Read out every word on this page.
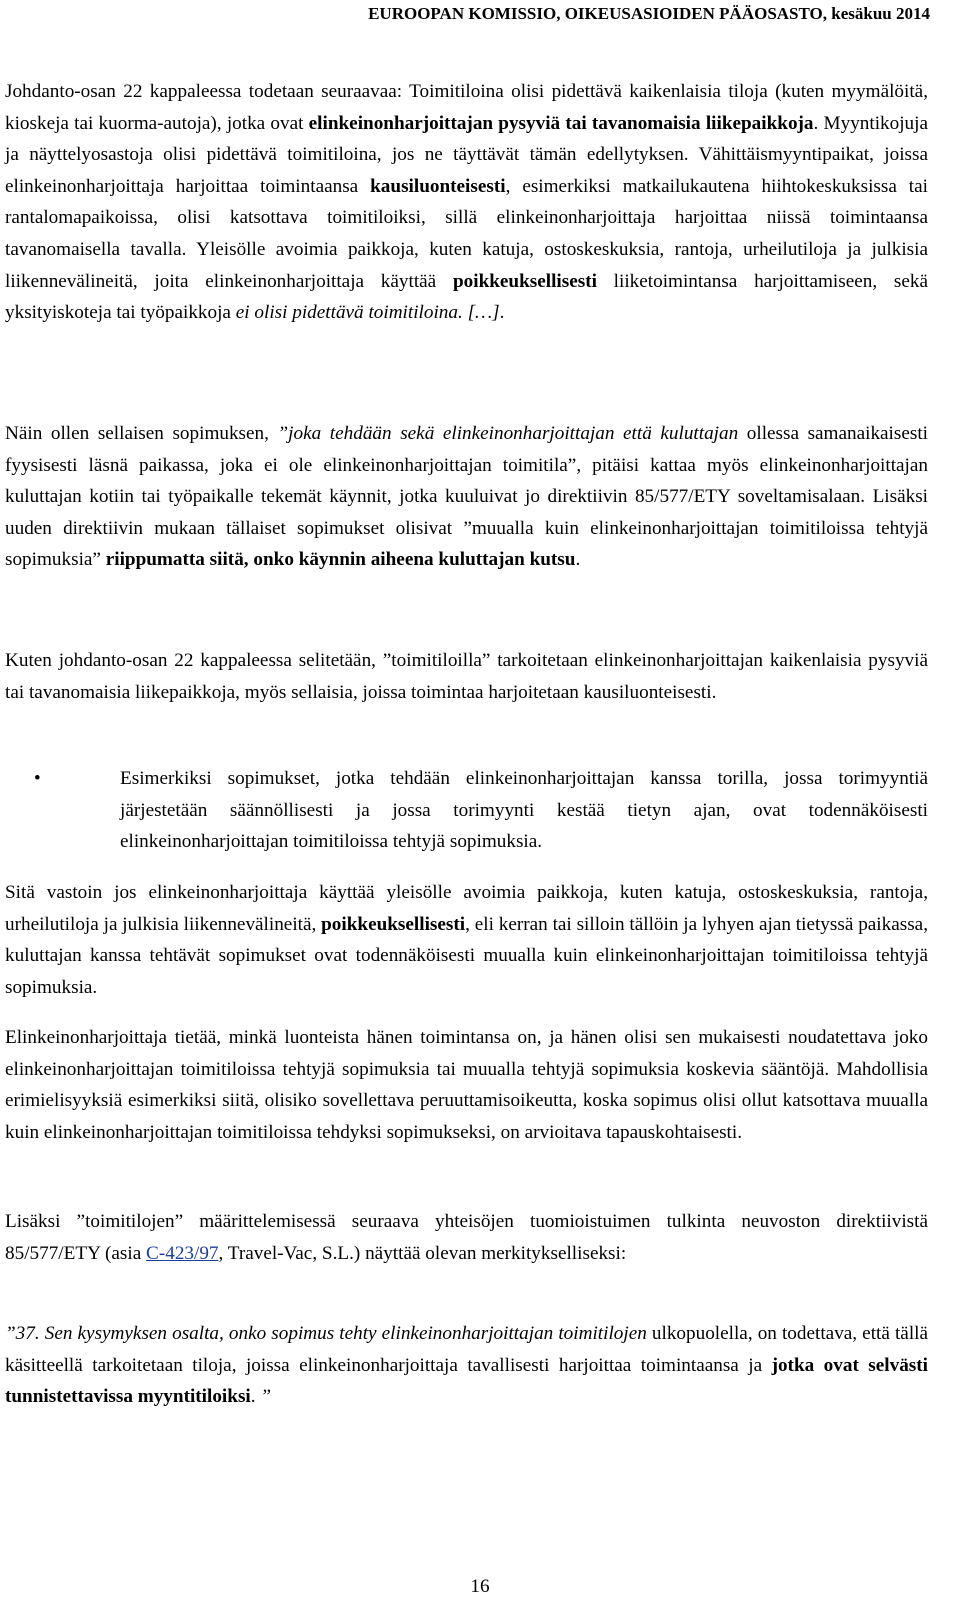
EUROOPAN KOMISSIO, OIKEUSASIOIDEN PÄÄOSASTO, kesäkuu 2014

Johdanto-osan 22 kappaleessa todetaan seuraavaa: Toimitiloina olisi pidettävä kaikenlaisia tiloja (kuten myymälöitä, kioskeja tai kuorma-autoja), jotka ovat elinkeinonharjoittajan pysyviä tai tavanomaisia liikepaikkoja. Myyntikojuja ja näyttelyosastoja olisi pidettävä toimitiloina, jos ne täyttävät tämän edellytyksen. Vähittäismyyntipaikat, joissa elinkeinonharjoittaja harjoittaa toimintaansa kausiluonteisesti, esimerkiksi matkailukautena hiihtokeskuksissa tai rantalomapaikoissa, olisi katsottava toimitiloiksi, sillä elinkeinonharjoittaja harjoittaa niissä toimintaansa tavanomaisella tavalla. Yleisölle avoimia paikkoja, kuten katuja, ostoskeskuksia, rantoja, urheilutiloja ja julkisia liikennevälineitä, joita elinkeinonharjoittaja käyttää poikkeuksellisesti liiketoimintansa harjoittamiseen, sekä yksityiskoteja tai työpaikkoja ei olisi pidettävä toimitiloina. […].

Näin ollen sellaisen sopimuksen, ”joka tehdään sekä elinkeinonharjoittajan että kuluttajan ollessa samanaikaisesti fyysisesti läsnä paikassa, joka ei ole elinkeinonharjoittajan toimitila”, pitäisi kattaa myös elinkeinonharjoittajan kuluttajan kotiin tai työpaikalle tekemät käynnit, jotka kuuluivat jo direktiivin 85/577/ETY soveltamisalaan. Lisäksi uuden direktiivin mukaan tällaiset sopimukset olisivat ”muualla kuin elinkeinonharjoittajan toimitiloissa tehtyjä sopimuksia” riippumatta siitä, onko käynnin aiheena kuluttajan kutsu.

Kuten johdanto-osan 22 kappaleessa selitetään, ”toimitiloilla” tarkoitetaan elinkeinonharjoittajan kaikenlaisia pysyviä tai tavanomaisia liikepaikkoja, myös sellaisia, joissa toimintaa harjoitetaan kausiluonteisesti.

•	Esimerkiksi sopimukset, jotka tehdään elinkeinonharjoittajan kanssa torilla, jossa torimyyntiä järjestetään säännöllisesti ja jossa torimyynti kestää tietyn ajan, ovat todennäköisesti elinkeinonharjoittajan toimitiloissa tehtyjä sopimuksia.

Sitä vastoin jos elinkeinonharjoittaja käyttää yleisölle avoimia paikkoja, kuten katuja, ostoskeskuksia, rantoja, urheilutiloja ja julkisia liikennevälineitä, poikkeuksellisesti, eli kerran tai silloin tällöin ja lyhyen ajan tietyssä paikassa, kuluttajan kanssa tehtävät sopimukset ovat todennäköisesti muualla kuin elinkeinonharjoittajan toimitiloissa tehtyjä sopimuksia.

Elinkeinonharjoittaja tietää, minkä luonteista hänen toimintansa on, ja hänen olisi sen mukaisesti noudatettava joko elinkeinonharjoittajan toimitiloissa tehtyjä sopimuksia tai muualla tehtyjä sopimuksia koskevia sääntöjä. Mahdollisia erimielisyyksiä esimerkiksi siitä, olisiko sovellettava peruuttamisoikeutta, koska sopimus olisi ollut katsottava muualla kuin elinkeinonharjoittajan toimitiloissa tehdyksi sopimukseksi, on arvioitava tapauskohtaisesti.

Lisäksi ”toimitilojen” määrittelemisessä seuraava yhteisöjen tuomioistuimen tulkinta neuvoston direktiivistä 85/577/ETY (asia C-423/97, Travel-Vac, S.L.) näyttää olevan merkitykselliseksi:

”37. Sen kysymyksen osalta, onko sopimus tehty elinkeinonharjoittajan toimitilojen ulkopuolella, on todettava, että tällä käsitteellä tarkoitetaan tiloja, joissa elinkeinonharjoittaja tavallisesti harjoittaa toimintaansa ja jotka ovat selvästi tunnistettavissa myyntitiloiksi. ”

16
